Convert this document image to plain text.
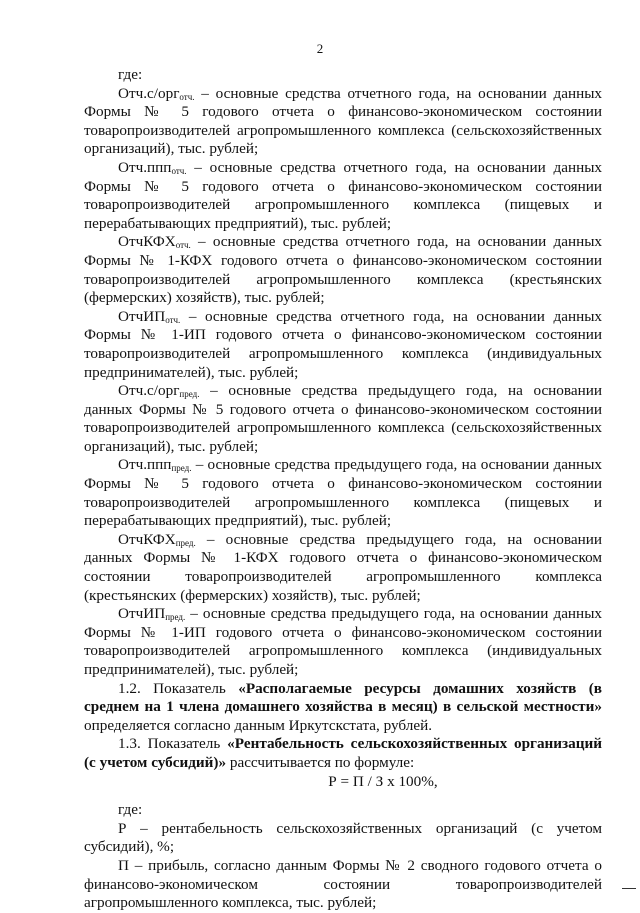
2

где:

Отч.с/орг$_{отч.}$ – основные средства отчетного года, на основании данных Формы № 5 годового отчета о финансово-экономическом состоянии товаропроизводителей агропромышленного комплекса (сельскохозяйственных организаций), тыс. рублей;

Отч.ппп$_{отч.}$ – основные средства отчетного года, на основании данных Формы № 5 годового отчета о финансово-экономическом состоянии товаропроизводителей агропромышленного комплекса (пищевых и перерабатывающих предприятий), тыс. рублей;

ОтчКФХ$_{отч.}$ – основные средства отчетного года, на основании данных Формы № 1-КФХ годового отчета о финансово-экономическом состоянии товаропроизводителей агропромышленного комплекса (крестьянских (фермерских) хозяйств), тыс. рублей;

ОтчИП$_{отч.}$ – основные средства отчетного года, на основании данных Формы № 1-ИП годового отчета о финансово-экономическом состоянии товаропроизводителей агропромышленного комплекса (индивидуальных предпринимателей), тыс. рублей;

Отч.с/орг$_{пред.}$ – основные средства предыдущего года, на основании данных Формы № 5 годового отчета о финансово-экономическом состоянии товаропроизводителей агропромышленного комплекса (сельскохозяйственных организаций), тыс. рублей;

Отч.ппп$_{пред.}$ – основные средства предыдущего года, на основании данных Формы № 5 годового отчета о финансово-экономическом состоянии товаропроизводителей агропромышленного комплекса (пищевых и перерабатывающих предприятий), тыс. рублей;

ОтчКФХ$_{пред.}$ – основные средства предыдущего года, на основании данных Формы № 1-КФХ годового отчета о финансово-экономическом состоянии товаропроизводителей агропромышленного комплекса (крестьянских (фермерских) хозяйств), тыс. рублей;

ОтчИП$_{пред.}$ – основные средства предыдущего года, на основании данных Формы № 1-ИП годового отчета о финансово-экономическом состоянии товаропроизводителей агропромышленного комплекса (индивидуальных предпринимателей), тыс. рублей;

1.2. Показатель «Располагаемые ресурсы домашних хозяйств (в среднем на 1 члена домашнего хозяйства в месяц) в сельской местности» определяется согласно данным Иркутскстата, рублей.

1.3. Показатель «Рентабельность сельскохозяйственных организаций (с учетом субсидий)» рассчитывается по формуле:

Р = П / З х 100%,

где:

Р – рентабельность сельскохозяйственных организаций (с учетом субсидий), %;

П – прибыль, согласно данным Формы № 2 сводного годового отчета о финансово-экономическом состоянии товаропроизводителей агропромышленного комплекса, тыс. рублей;
